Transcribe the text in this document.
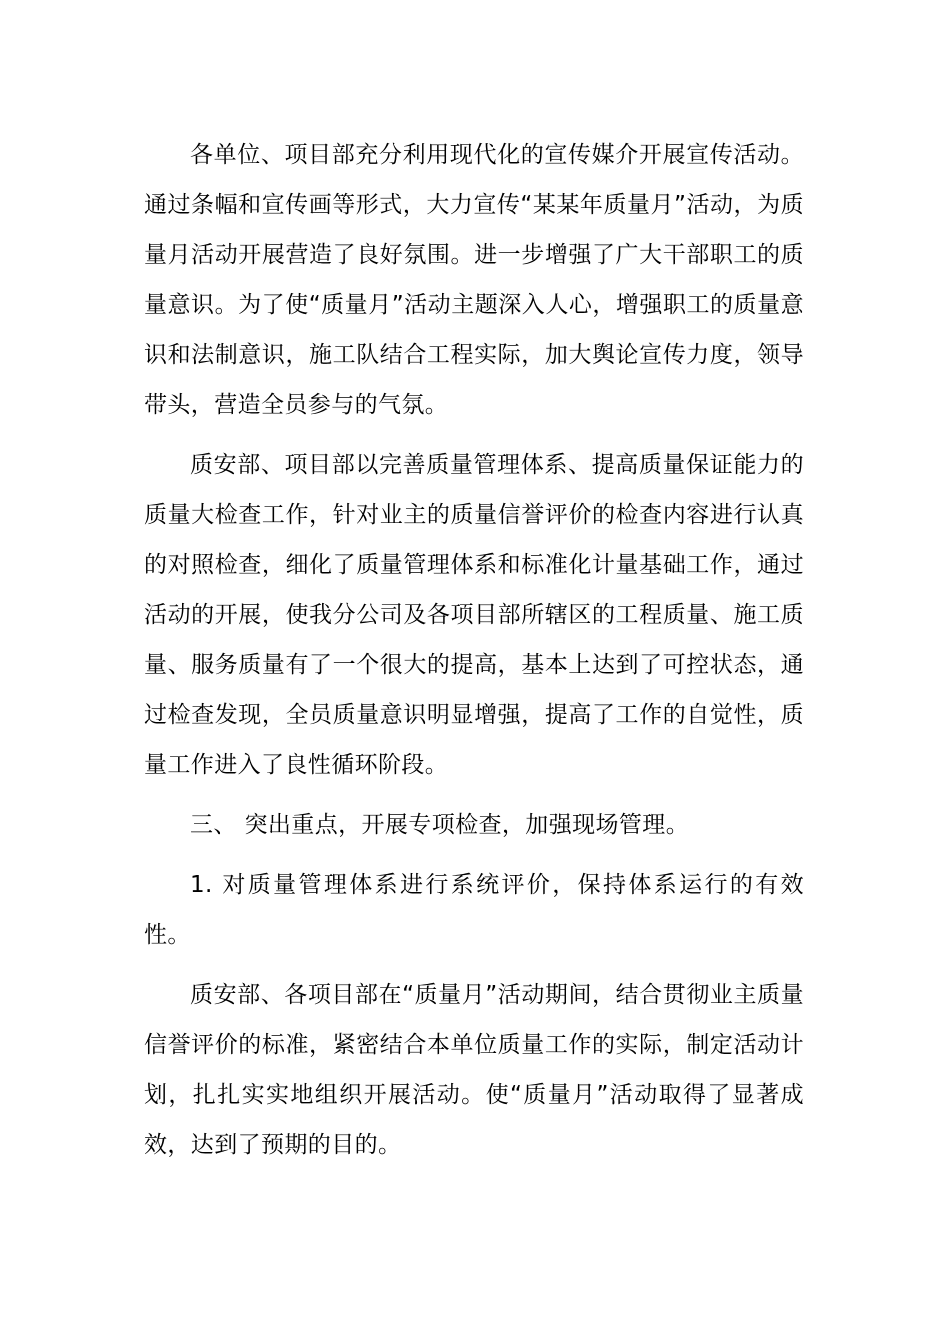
各单位、项目部充分利用现代化的宣传媒介开展宣传活动。通过条幅和宣传画等形式，大力宣传“某某年质量月”活动，为质量月活动开展营造了良好氛围。进一步增强了广大干部职工的质量意识。为了使“质量月”活动主题深入人心，增强职工的质量意识和法制意识，施工队结合工程实际，加大舆论宣传力度，领导带头，营造全员参与的气氛。

质安部、项目部以完善质量管理体系、提高质量保证能力的质量大检查工作，针对业主的质量信誉评价的检查内容进行认真的对照检查，细化了质量管理体系和标准化计量基础工作，通过活动的开展，使我分公司及各项目部所辖区的工程质量、施工质量、服务质量有了一个很大的提高，基本上达到了可控状态，通过检查发现，全员质量意识明显增强，提高了工作的自觉性，质量工作进入了良性循环阶段。

三、 突出重点，开展专项检查，加强现场管理。

1. 对质量管理体系进行系统评价，保持体系运行的有效性。

质安部、各项目部在“质量月”活动期间，结合贯彻业主质量信誉评价的标准，紧密结合本单位质量工作的实际，制定活动计划，扎扎实实地组织开展活动。使“质量月”活动取得了显著成效，达到了预期的目的。
